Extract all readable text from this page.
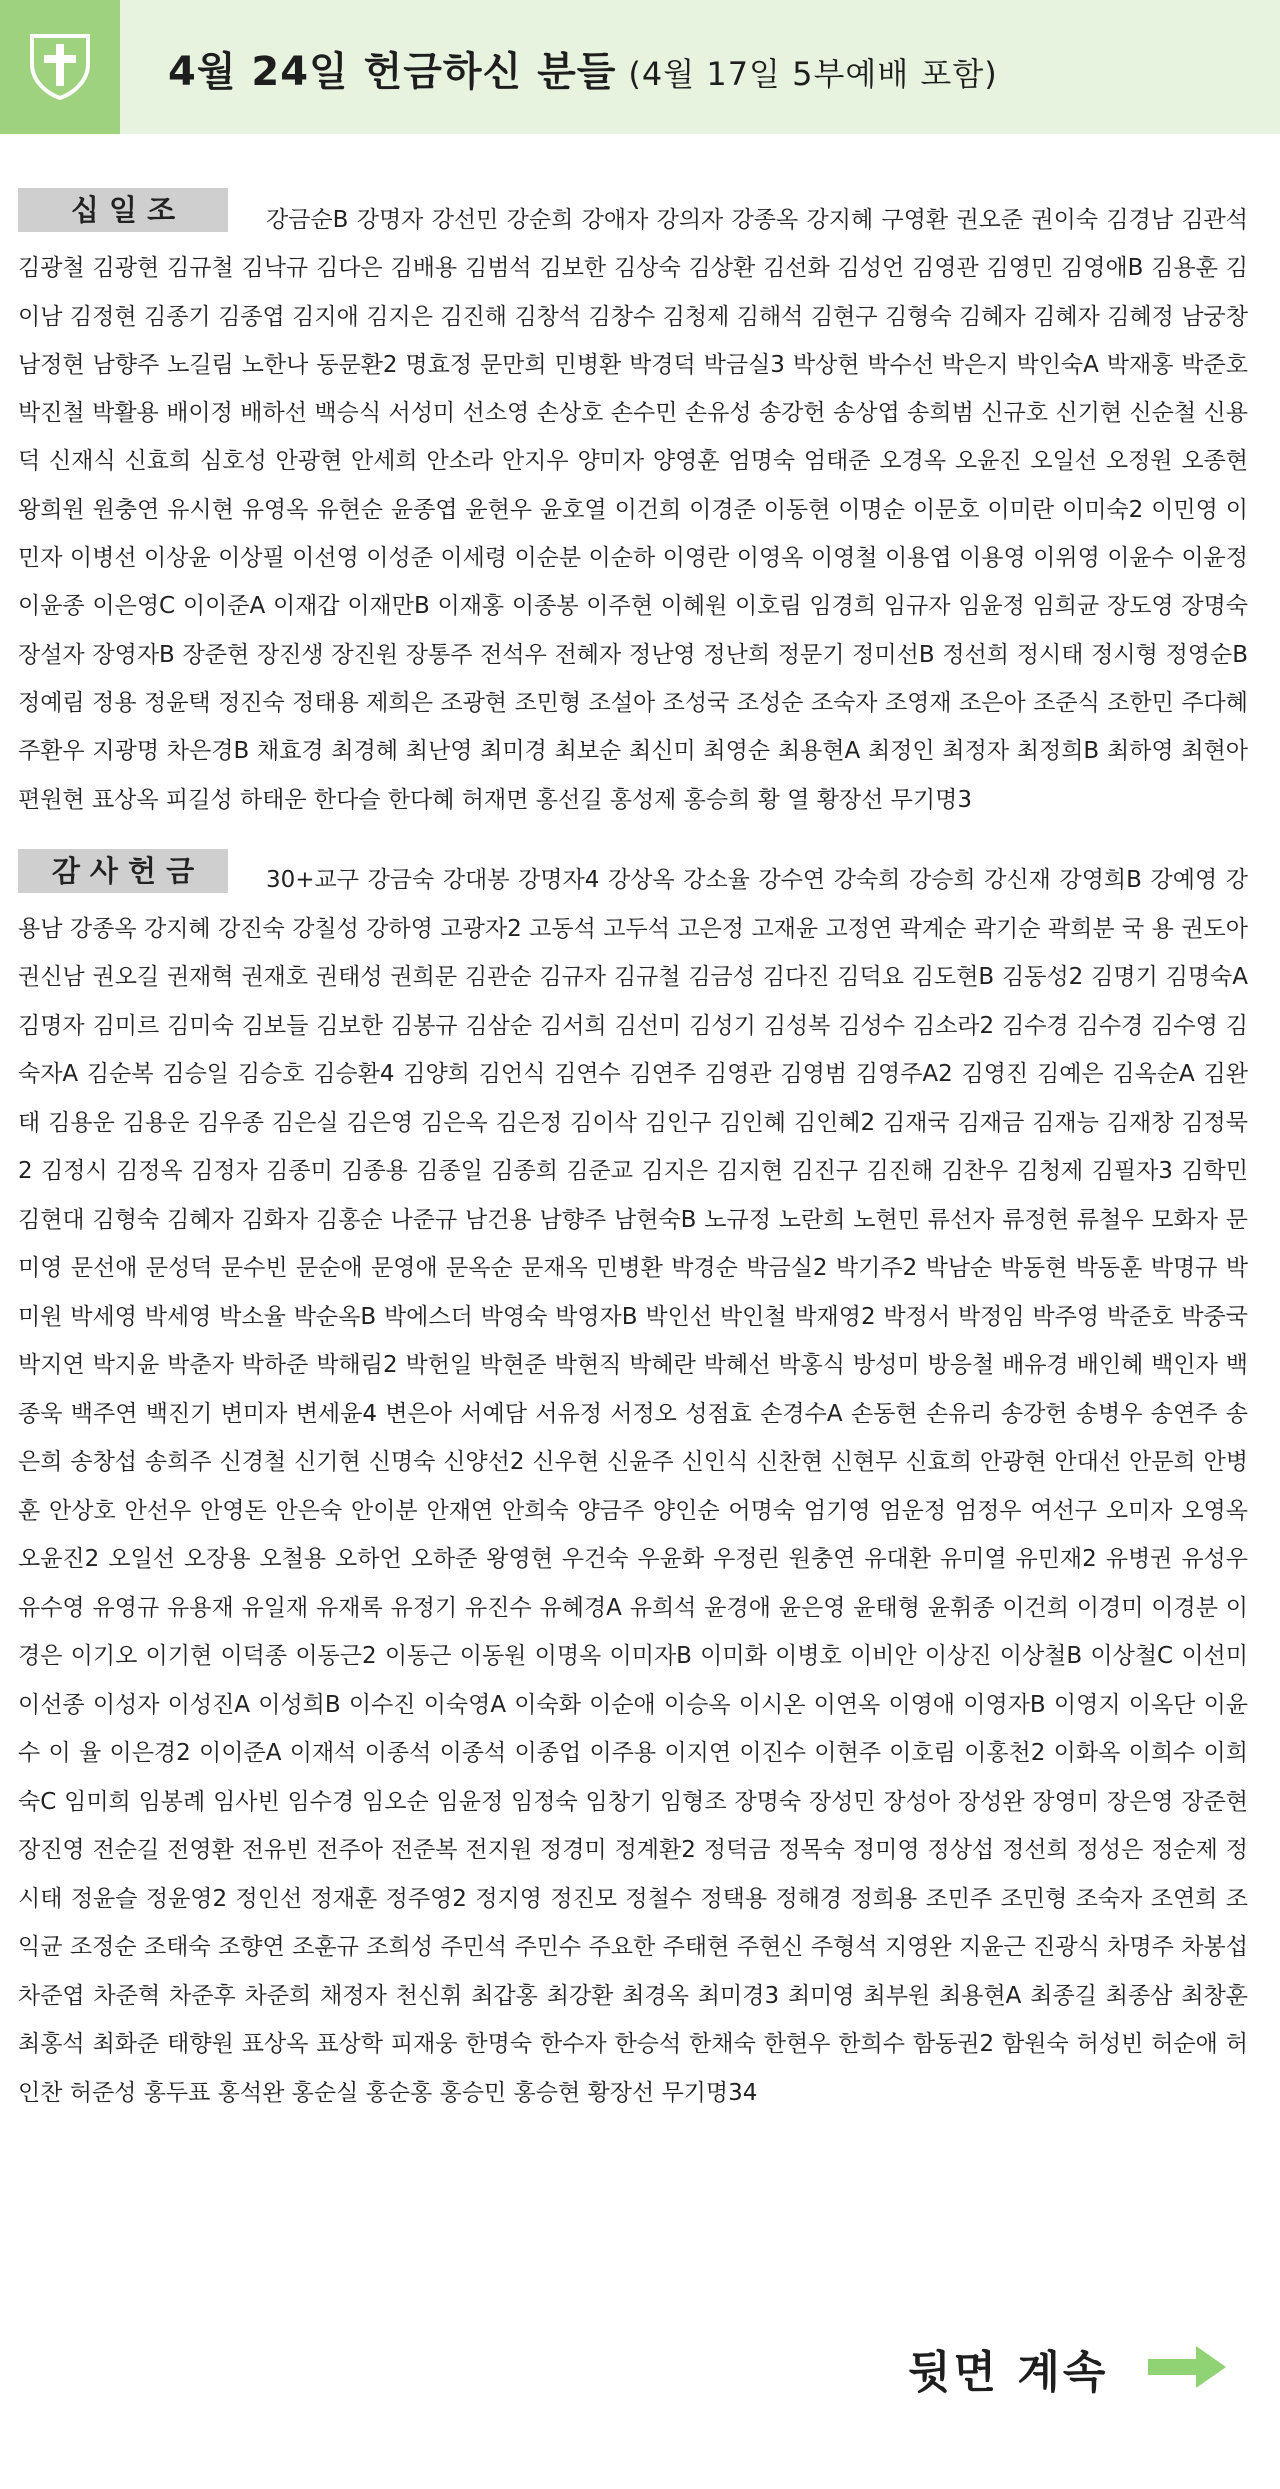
4월 24일 헌금하신 분들 (4월 17일 5부예배 포함)
십 일 조	강금순B 강명자 강선민 강순희 강애자 강의자 강종옥 강지혜 구영환 권오준 권이숙 김경남 김관석 김광철 김광현 김규철 김낙규 김다은 김배용 김범석 김보한 김상숙 김상환 김선화 김성언 김영관 김영민 김영애B 김용훈 김이남 김정현 김종기 김종엽 김지애 김지은 김진해 김창석 김창수 김청제 김해석 김현구 김형숙 김혜자 김혜자 김혜정 남궁창 남정현 남향주 노길림 노한나 동문환2 명효정 문만희 민병환 박경덕 박금실3 박상현 박수선 박은지 박인숙A 박재홍 박준호 박진철 박활용 배이정 배하선 백승식 서성미 선소영 손상호 손수민 손유성 송강헌 송상엽 송희범 신규호 신기현 신순철 신용덕 신재식 신효희 심호성 안광현 안세희 안소라 안지우 양미자 양영훈 엄명숙 엄태준 오경옥 오윤진 오일선 오정원 오종현 왕희원 원충연 유시현 유영옥 유현순 윤종엽 윤현우 윤호열 이건희 이경준 이동현 이명순 이문호 이미란 이미숙2 이민영 이민자 이병선 이상윤 이상필 이선영 이성준 이세령 이순분 이순하 이영란 이영옥 이영철 이용엽 이용영 이위영 이윤수 이윤정 이윤종 이은영C 이이준A 이재갑 이재만B 이재홍 이종봉 이주현 이혜원 이호림 임경희 임규자 임윤정 임희균 장도영 장명숙 장설자 장영자B 장준현 장진생 장진원 장통주 전석우 전혜자 정난영 정난희 정문기 정미선B 정선희 정시태 정시형 정영순B 정예림 정용 정윤택 정진숙 정태용 제희은 조광현 조민형 조설아 조성국 조성순 조숙자 조영재 조은아 조준식 조한민 주다혜 주환우 지광명 차은경B 채효경 최경혜 최난영 최미경 최보순 최신미 최영순 최용현A 최정인 최정자 최정희B 최하영 최현아 편원현 표상옥 피길성 하태운 한다슬 한다혜 허재면 홍선길 홍성제 홍승희 황 열 황장선 무기명3

감 사 헌 금	30+교구 강금숙 강대봉 강명자4 강상옥 강소율 강수연 강숙희 강승희 강신재 강영희B 강예영 강용남 강종옥 강지혜 강진숙 강칠성 강하영 고광자2 고동석 고두석 고은정 고재윤 고정연 곽계순 곽기순 곽희분 국 용 권도아 권신남 권오길 권재혁 권재호 권태성 권희문 김관순 김규자 김규철 김금성 김다진 김덕요 김도현B 김동성2 김명기 김명숙A 김명자 김미르 김미숙 김보들 김보한 김봉규 김삼순 김서희 김선미 김성기 김성복 김성수 김소라2 김수경 김수경 김수영 김숙자A 김순복 김승일 김승호 김승환4 김양희 김언식 김연수 김연주 김영관 김영범 김영주A2 김영진 김예은 김옥순A 김완태 김용운 김용운 김우종 김은실 김은영 김은옥 김은정 김이삭 김인구 김인혜 김인혜2 김재국 김재금 김재능 김재창 김정묵2 김정시 김정옥 김정자 김종미 김종용 김종일 김종희 김준교 김지은 김지현 김진구 김진해 김찬우 김청제 김필자3 김학민 김현대 김형숙 김혜자 김화자 김홍순 나준규 남건용 남향주 남현숙B 노규정 노란희 노현민 류선자 류정현 류철우 모화자 문미영 문선애 문성덕 문수빈 문순애 문영애 문옥순 문재옥 민병환 박경순 박금실2 박기주2 박남순 박동현 박동훈 박명규 박미원 박세영 박세영 박소율 박순옥B 박에스더 박영숙 박영자B 박인선 박인철 박재영2 박정서 박정임 박주영 박준호 박중국 박지연 박지윤 박춘자 박하준 박해림2 박헌일 박현준 박현직 박혜란 박혜선 박홍식 방성미 방응철 배유경 배인혜 백인자 백종욱 백주연 백진기 변미자 변세윤4 변은아 서예담 서유정 서정오 성점효 손경수A 손동현 손유리 송강헌 송병우 송연주 송은희 송창섭 송희주 신경철 신기현 신명숙 신양선2 신우현 신윤주 신인식 신찬현 신현무 신효희 안광현 안대선 안문희 안병훈 안상호 안선우 안영돈 안은숙 안이분 안재연 안희숙 양금주 양인순 어명숙 엄기영 엄운정 엄정우 여선구 오미자 오영옥 오윤진2 오일선 오장용 오철용 오하언 오하준 왕영현 우건숙 우윤화 우정린 원충연 유대환 유미열 유민재2 유병권 유성우 유수영 유영규 유용재 유일재 유재록 유정기 유진수 유혜경A 유희석 윤경애 윤은영 윤태형 윤휘종 이건희 이경미 이경분 이경은 이기오 이기현 이덕종 이동근2 이동근 이동원 이명옥 이미자B 이미화 이병호 이비안 이상진 이상철B 이상철C 이선미 이선종 이성자 이성진A 이성희B 이수진 이숙영A 이숙화 이순애 이승옥 이시온 이연옥 이영애 이영자B 이영지 이옥단 이윤수 이 율 이은경2 이이준A 이재석 이종석 이종석 이종업 이주용 이지연 이진수 이현주 이호림 이홍천2 이화옥 이희수 이희숙C 임미희 임봉례 임사빈 임수경 임오순 임윤정 임정숙 임창기 임형조 장명숙 장성민 장성아 장성완 장영미 장은영 장준현 장진영 전순길 전영환 전유빈 전주아 전준복 전지원 정경미 정계환2 정덕금 정목숙 정미영 정상섭 정선희 정성은 정순제 정시태 정윤슬 정윤영2 정인선 정재훈 정주영2 정지영 정진모 정철수 정택용 정해경 정희용 조민주 조민형 조숙자 조연희 조익균 조정순 조태숙 조향연 조훈규 조희성 주민석 주민수 주요한 주태현 주현신 주형석 지영완 지윤근 진광식 차명주 차봉섭 차준엽 차준혁 차준후 차준희 채정자 천신휘 최갑홍 최강환 최경옥 최미경3 최미영 최부원 최용현A 최종길 최종삼 최창훈 최홍석 최화준 태향원 표상옥 표상학 피재웅 한명숙 한수자 한승석 한채숙 한현우 한희수 함동권2 함원숙 허성빈 허순애 허인찬 허준성 홍두표 홍석완 홍순실 홍순홍 홍승민 홍승현 황장선 무기명34

뒷면 계속
